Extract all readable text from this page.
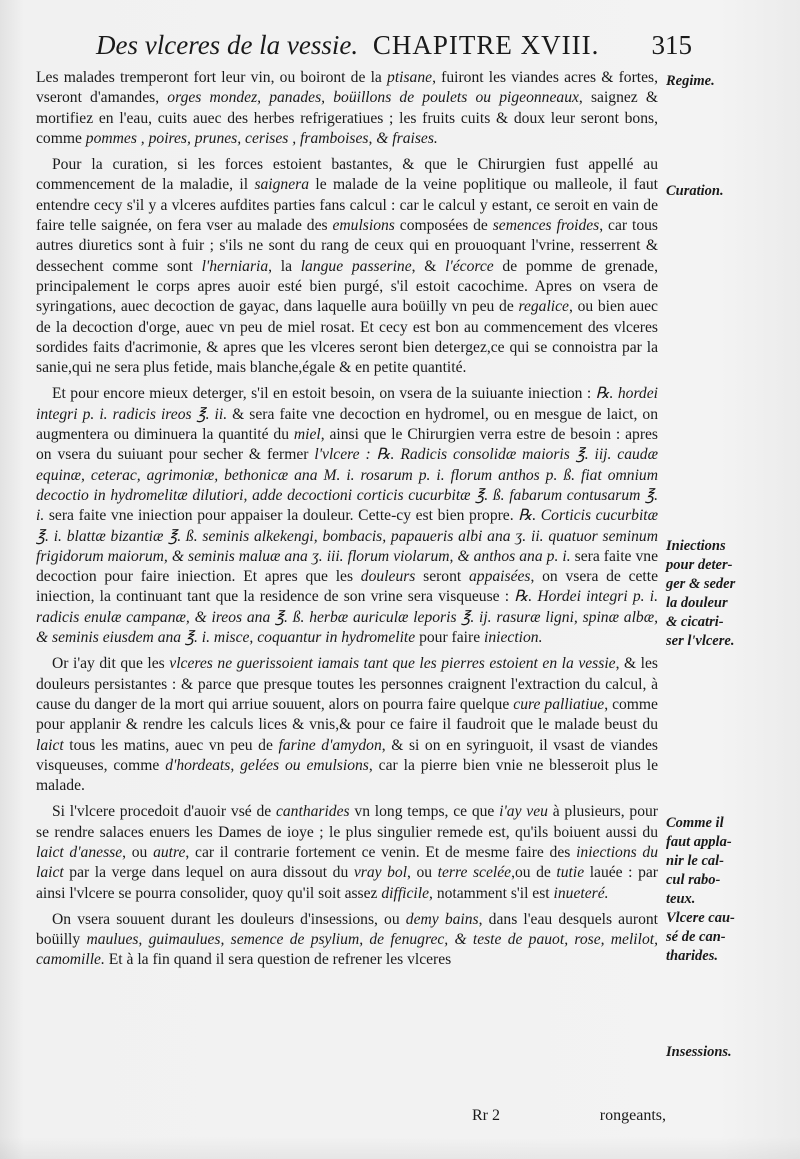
Des vlceres de la vessie. CHAPITRE XVIII. 315

Les malades tremperont fort leur vin, ou boiront de la ptisane, fuiront les viandes acres & fortes, vseront d'amandes, orges mondez, panades, boüillons de poulets ou pigeonneaux, saignez & mortifiez en l'eau, cuits auec des herbes refrigeratiues ; les fruits cuits & doux leur seront bons, comme pommes , poires, prunes, cerises , framboises, & fraises.

Pour la curation, si les forces estoient bastantes, & que le Chirurgien fust appellé au commencement de la maladie, il saignera le malade de la veine poplitique ou malleole, il faut entendre cecy s'il y a vlceres aufdites parties fans calcul : car le calcul y estant, ce seroit en vain de faire telle saignée, on fera vser au malade des emulsions composées de semences froides, car tous autres diuretics sont à fuir ; s'ils ne sont du rang de ceux qui en prouoquant l'vrine, resserrent & dessechent comme sont l'herniaria, la langue passerine, & l'écorce de pomme de grenade, principalement le corps apres auoir esté bien purgé, s'il estoit cacochime. Apres on vsera de syringations, auec decoction de gayac, dans laquelle aura boüilly vn peu de regalice, ou bien auec de la decoction d'orge, auec vn peu de miel rosat. Et cecy est bon au commencement des vlceres sordides faits d'acrimonie, & apres que les vlceres seront bien detergez,ce qui se connoistra par la sanie,qui ne sera plus fetide, mais blanche,égale & en petite quantité.

Et pour encore mieux deterger, s'il en estoit besoin, on vsera de la suiuante iniection : ℞. hordei integri p. i. radicis ireos ℥. ii. & sera faite vne decoction en hydromel, ou en mesgue de laict, on augmentera ou diminuera la quantité du miel, ainsi que le Chirurgien verra estre de besoin : apres on vsera du suiuant pour secher & fermer l'vlcere : ℞. Radicis consolidæ maioris ℥. iij. caudæ equinæ, ceterac, agrimoniæ, bethonicæ ana M. i. rosarum p. i. florum anthos p. ß. fiat omnium decoctio in hydromelitæ dilutiori, adde decoctioni corticis cucurbitæ ℥. ß. fabarum contusarum ℥. i. sera faite vne iniection pour appaiser la douleur. Cette-cy est bien propre. ℞. Corticis cucurbitæ ℥. i. blattæ bizantiæ ℥. ß. seminis alkekengi, bombacis, papaueris albi ana ʒ. ii. quatuor seminum frigidorum maiorum, & seminis maluæ ana ʒ. iii. florum violarum, & anthos ana p. i. sera faite vne decoction pour faire iniection. Et apres que les douleurs seront appaisées, on vsera de cette iniection, la continuant tant que la residence de son vrine sera visqueuse : ℞. Hordei integri p. i. radicis enulæ campanæ, & ireos ana ℥. ß. herbæ auriculæ leporis ℥. ij. rasuræ ligni, spinæ albæ, & seminis eiusdem ana ℥. i. misce, coquantur in hydromelite pour faire iniection.

Or i'ay dit que les vlceres ne guerissoient iamais tant que les pierres estoient en la vessie, & les douleurs persistantes : & parce que presque toutes les personnes craignent l'extraction du calcul, à cause du danger de la mort qui arriue souuent, alors on pourra faire quelque cure palliatiue, comme pour applanir & rendre les calculs lices & vnis,& pour ce faire il faudroit que le malade beust du laict tous les matins, auec vn peu de farine d'amydon, & si on en syringuoit, il vsast de viandes visqueuses, comme d'hordeats, gelées ou emulsions, car la pierre bien vnie ne blesseroit plus le malade.

Si l'vlcere procedoit d'auoir vsé de cantharides vn long temps, ce que i'ay veu à plusieurs, pour se rendre salaces enuers les Dames de ioye ; le plus singulier remede est, qu'ils boiuent aussi du laict d'anesse, ou autre, car il contrarie fortement ce venin. Et de mesme faire des iniections du laict par la verge dans lequel on aura dissout du vray bol, ou terre scelée,ou de tutie lauée : par ainsi l'vlcere se pourra consolider, quoy qu'il soit assez difficile, notamment s'il est inueteré.

On vsera souuent durant les douleurs d'insessions, ou demy bains, dans l'eau desquels auront boüilly maulues, guimaulues, semence de psylium, de fenugrec, & teste de pauot, rose, melilot, camomille. Et à la fin quand il sera question de refrener les vlceres

Regime.
Curation.
Iniections
pour deter-
ger & seder
la douleur
& cicatri-
ser l'vlcere.
Comme il
faut appla-
nir le cal-
cul rabo-
teux.
Vlcere cau-
sé de can-
tharides.
Insessions.
Rr 2	rongeants,
